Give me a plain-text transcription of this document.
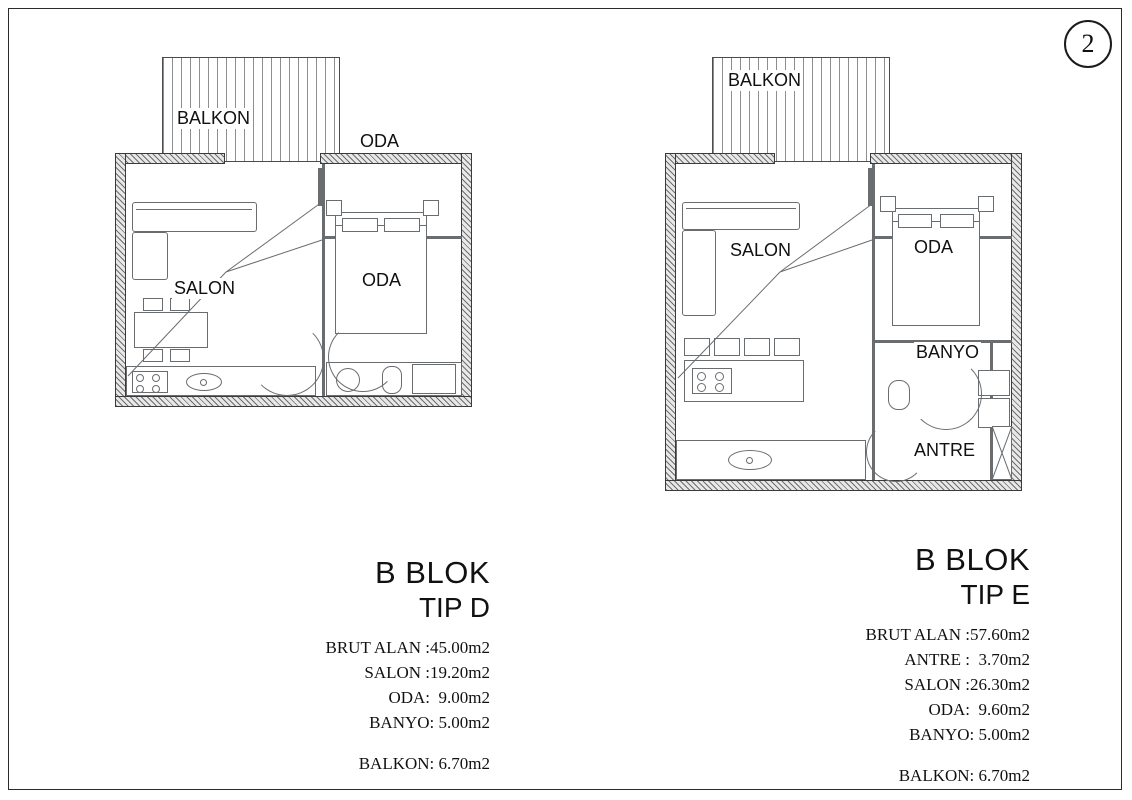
2
BALKON
SALON
ODA
ODA
BALKON
SALON	ODA
BANYO
ANTRE
B BLOK
TIP D
BRUT ALAN :45.00m2
SALON :19.20m2
ODA:  9.00m2
BANYO: 5.00m2
BALKON: 6.70m2
B BLOK
TIP E
BRUT ALAN :57.60m2
ANTRE :  3.70m2
SALON :26.30m2
ODA:  9.60m2
BANYO: 5.00m2
BALKON: 6.70m2
